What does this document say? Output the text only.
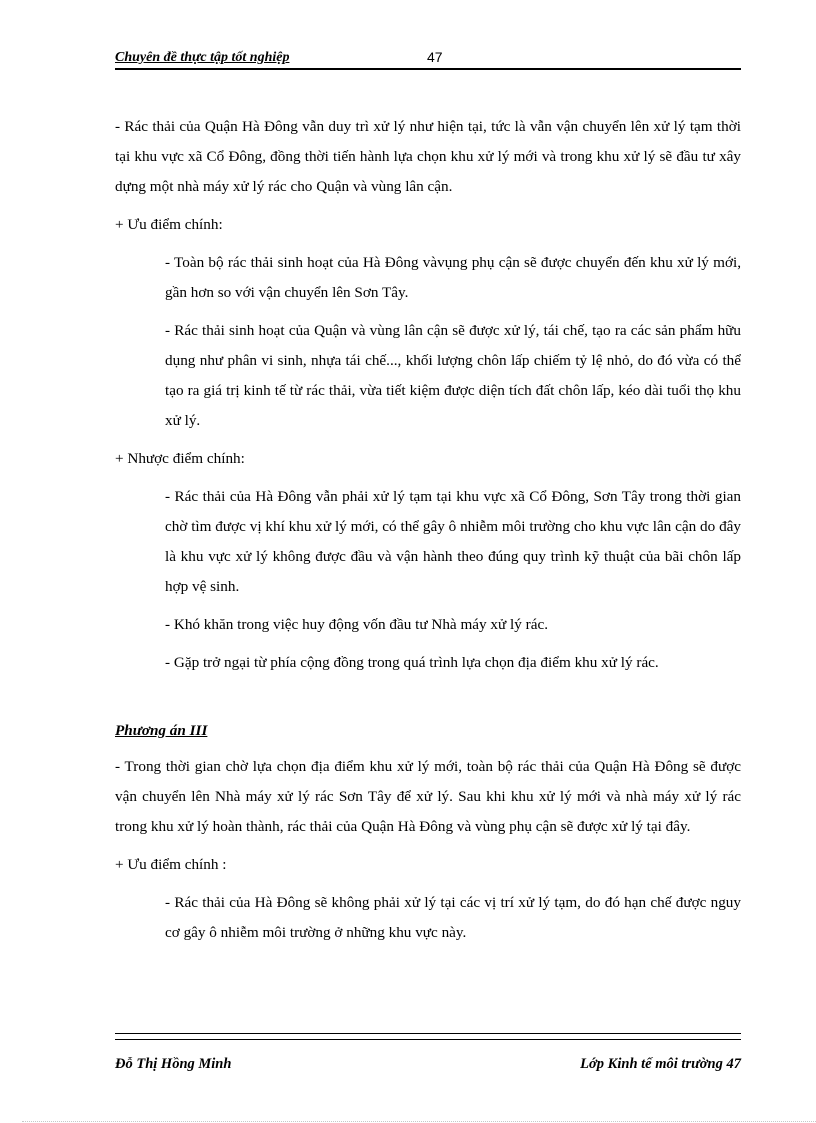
Chuyên đề thực tập tốt nghiệp	47

- Rác thải của Quận Hà Đông vẫn duy trì xử lý như hiện tại, tức là vẫn vận chuyển lên xử lý tạm thời tại khu vực xã Cổ Đông, đồng thời tiến hành lựa chọn khu xử lý mới và trong khu xử lý sẽ đầu tư xây dựng một nhà máy xử lý rác cho Quận và vùng lân cận.

+ Ưu điểm chính:

- Toàn bộ rác thải sinh hoạt của Hà Đông vàvụng phụ cận sẽ được chuyển đến khu xử lý mới, gần hơn so với vận chuyển lên Sơn Tây.

- Rác thải sinh hoạt của Quận và vùng lân cận sẽ được xử lý, tái chế, tạo ra các sản phẩm hữu dụng như phân vi sinh, nhựa tái chế..., khối lượng chôn lấp chiếm tỷ lệ nhỏ, do đó vừa có thể tạo ra giá trị kinh tế từ rác thải, vừa tiết kiệm được diện tích đất chôn lấp, kéo dài tuổi thọ khu xử lý.

+ Nhược điểm chính:

- Rác thải của Hà Đông vẫn phải xử lý tạm tại khu vực xã Cổ Đông, Sơn Tây trong thời gian chờ tìm được vị khí khu xử lý mới, có thể gây ô nhiễm môi trường cho khu vực lân cận do đây là khu vực xử lý không được đầu và vận hành theo đúng quy trình kỹ thuật của bãi chôn lấp hợp vệ sinh.

- Khó khăn trong việc huy động vốn đầu tư Nhà máy xử lý rác.

- Gặp trở ngại từ phía cộng đồng trong quá trình lựa chọn địa điểm khu xử lý rác.

Phương án III

- Trong thời gian chờ lựa chọn địa điểm khu xử lý mới, toàn bộ rác thải của Quận Hà Đông sẽ được vận chuyển lên Nhà máy xử lý rác Sơn Tây để xử lý. Sau khi khu xử lý mới và nhà máy xử lý rác trong khu xử lý hoàn thành, rác thải của Quận Hà Đông và vùng phụ cận sẽ được xử lý tại đây.

+ Ưu điểm chính :

- Rác thải của Hà Đông sẽ không phải xử lý tại các vị trí xử lý tạm, do đó hạn chế được nguy cơ gây ô nhiễm môi trường ở những khu vực này.

Đỗ Thị Hồng Minh	Lớp Kinh tế môi trường 47
